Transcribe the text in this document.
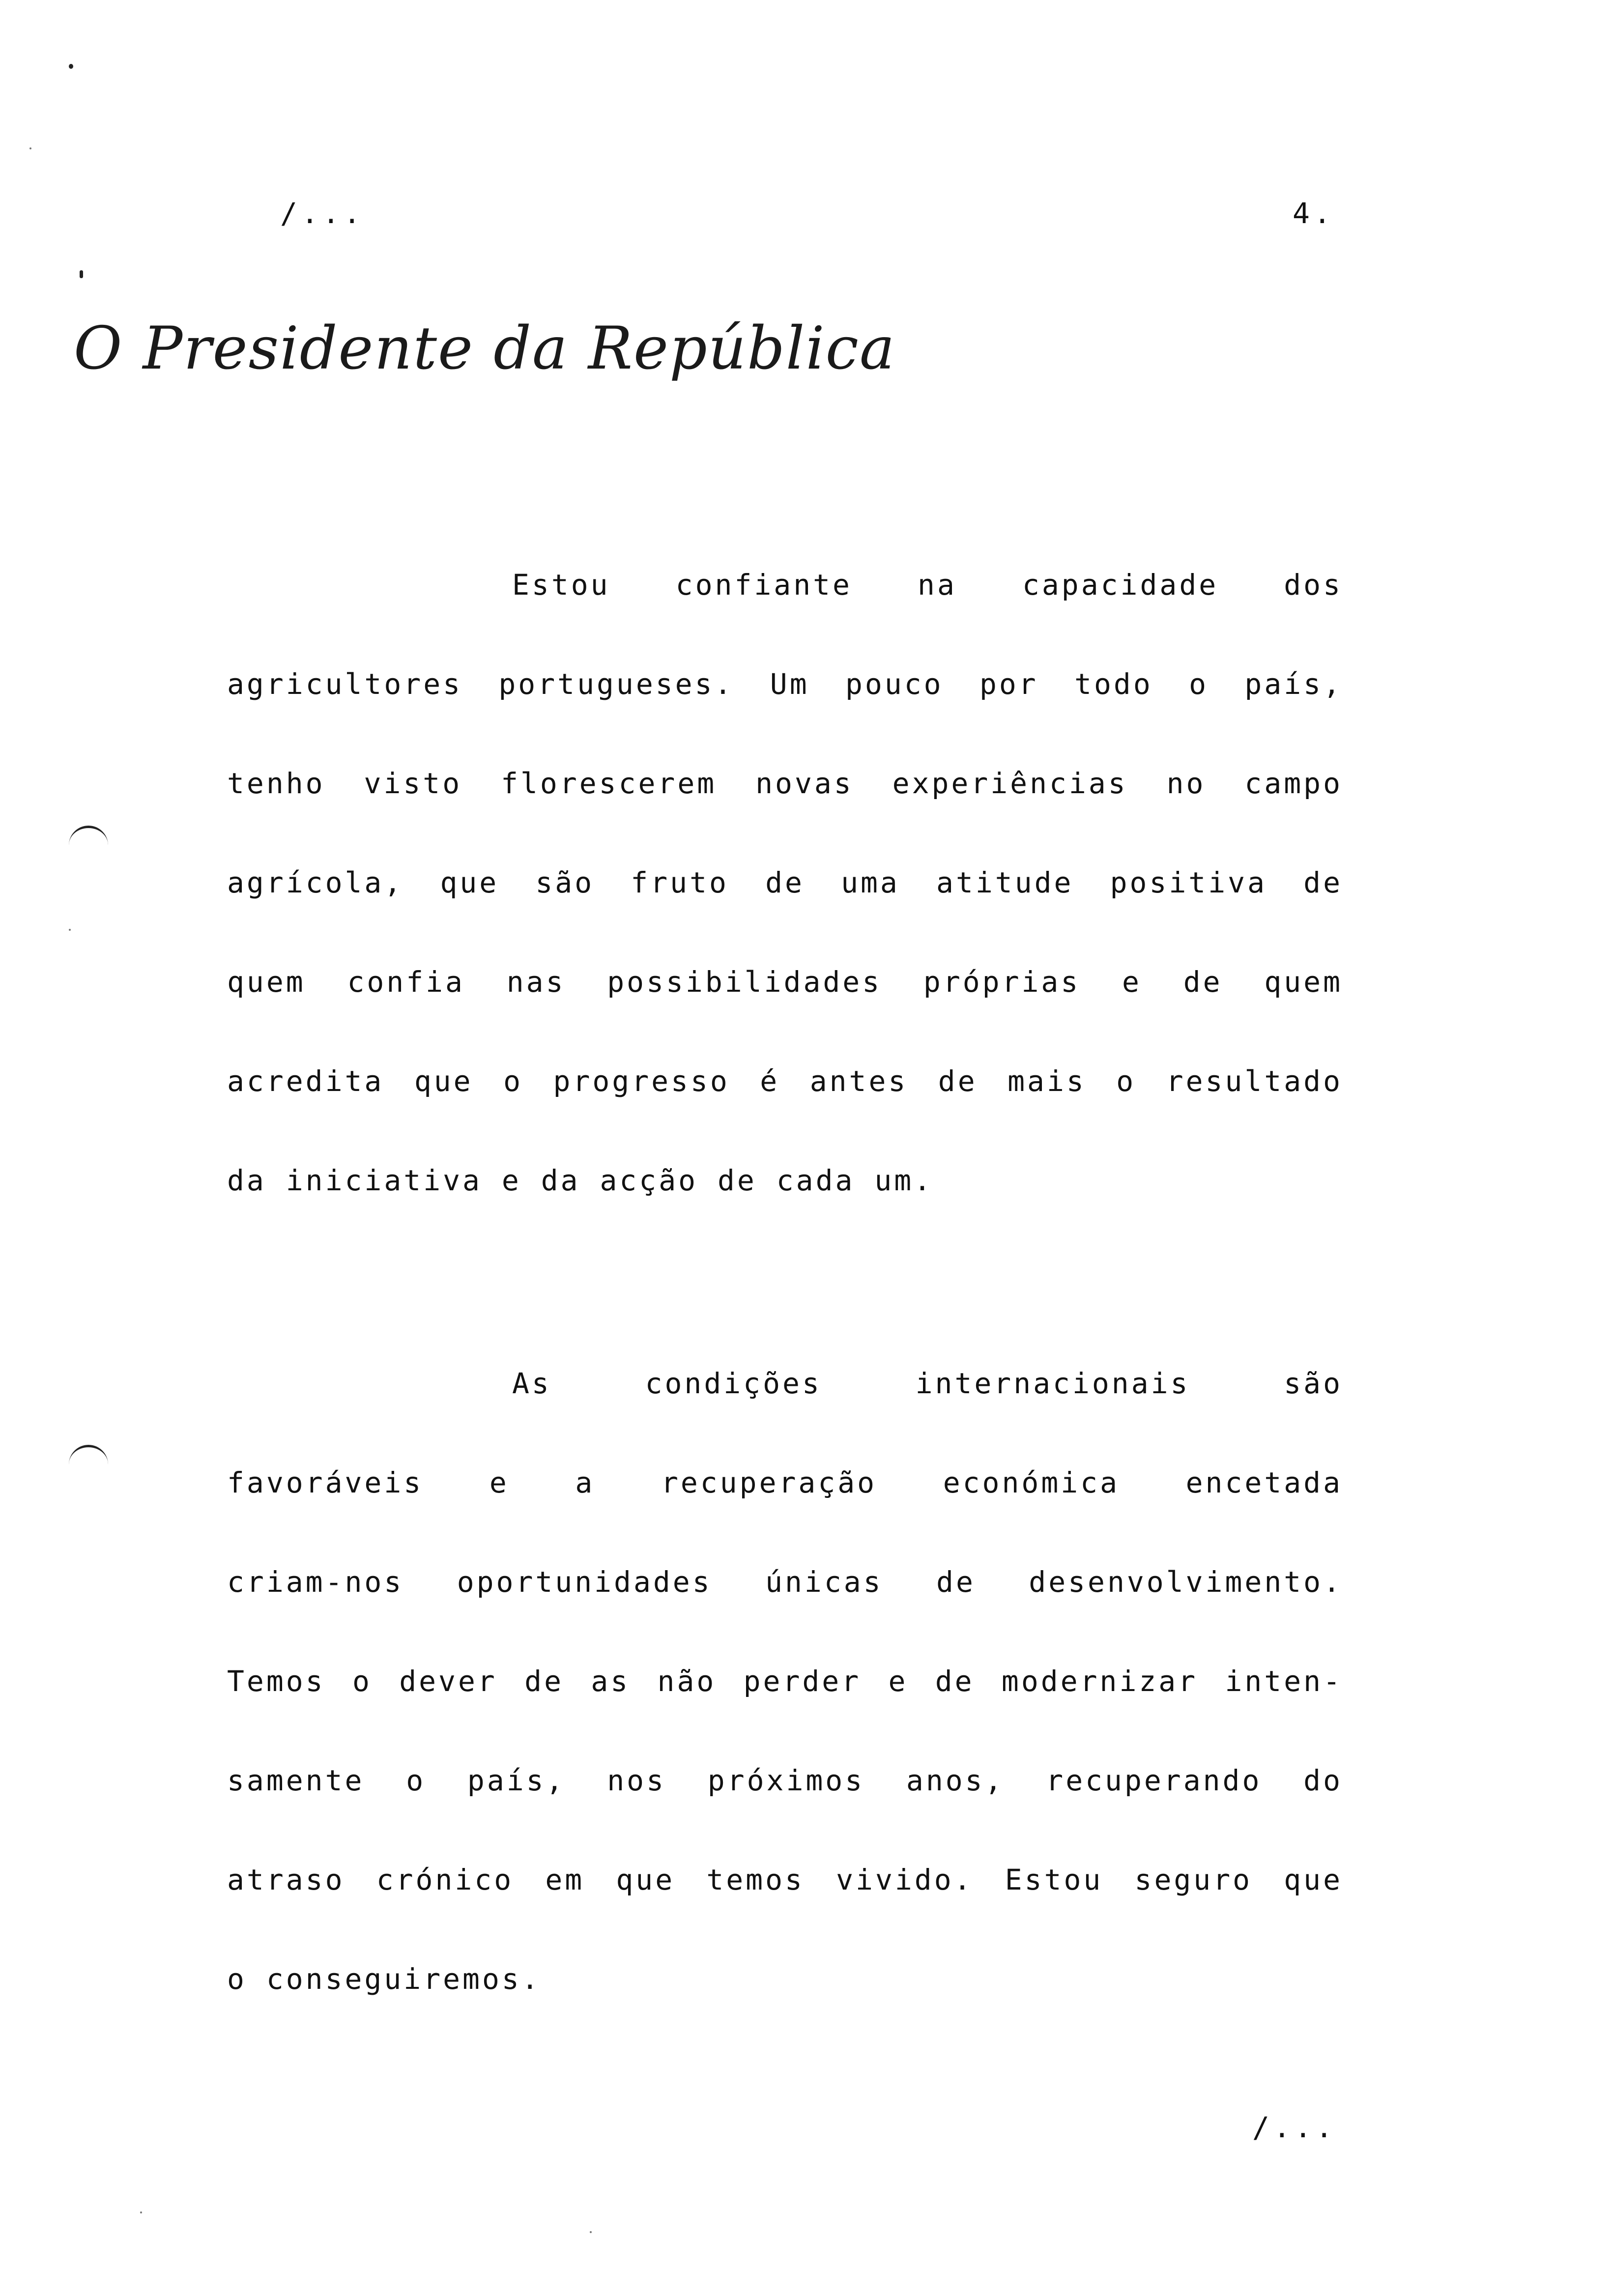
/...	4.
O Presidente da República
Estou confiante na capacidade dos
agricultores portugueses. Um pouco por todo o país,
tenho visto florescerem novas experiências no campo
agrícola, que são fruto de uma atitude positiva de
quem confia nas possibilidades próprias e de quem
acredita que o progresso é antes de mais o resultado
da iniciativa e da acção de cada um.
As condições internacionais são
favoráveis e a recuperação económica encetada
criam-nos oportunidades únicas de desenvolvimento.
Temos o dever de as não perder e de modernizar inten-
samente o país, nos próximos anos, recuperando do
atraso crónico em que temos vivido. Estou seguro que
o conseguiremos.
/...
